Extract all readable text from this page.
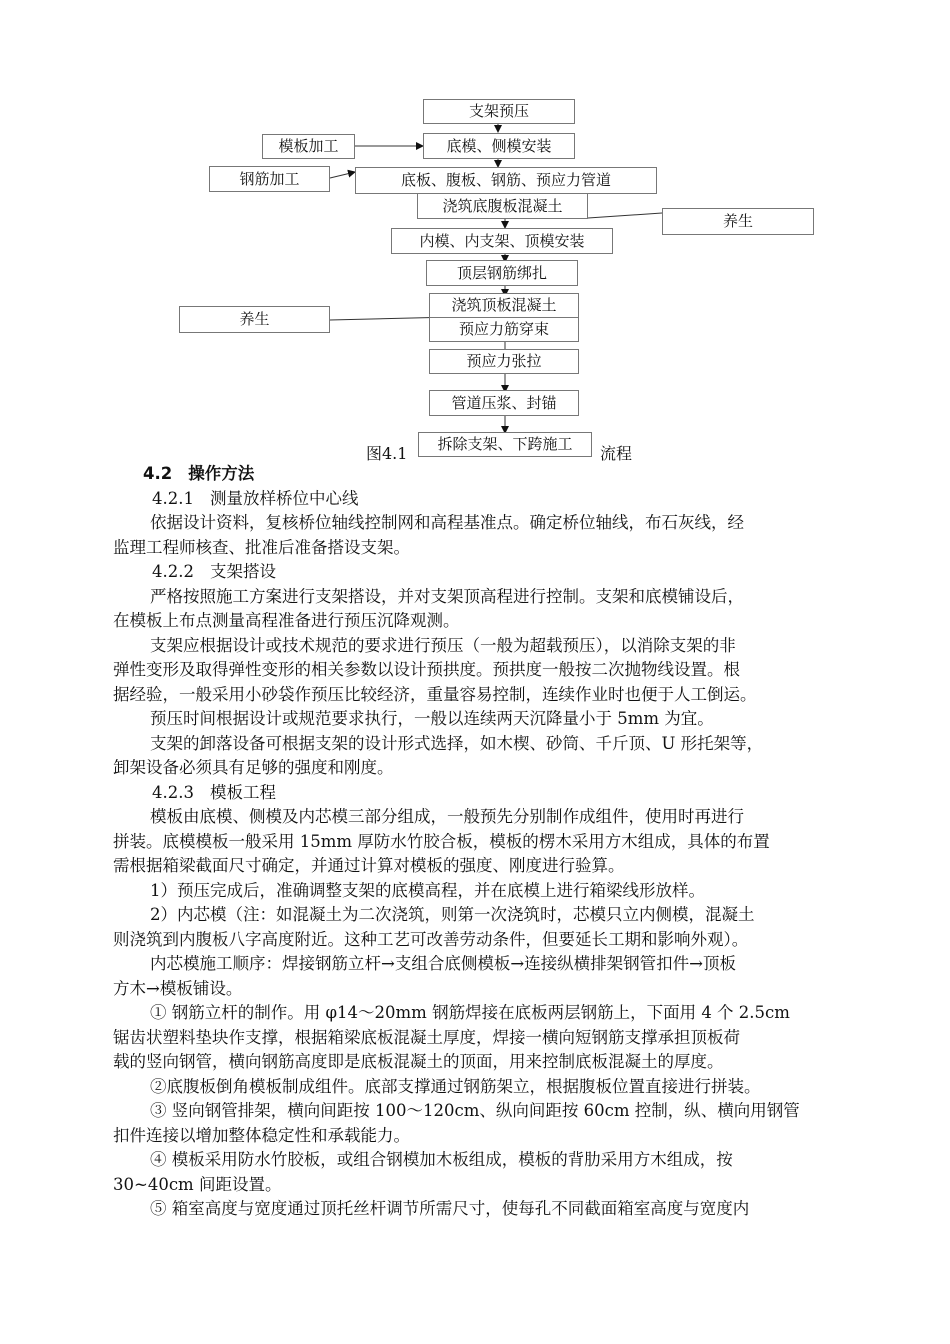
支架预压
模板加工	底模、侧模安装
钢筋加工	底板、腹板、钢筋、预应力管道
浇筑底腹板混凝土
养生
内模、内支架、顶模安装
顶层钢筋绑扎
浇筑顶板混凝土
养生
预应力筋穿束
预应力张拉
管道压浆、封锚
图4.1	流程
拆除支架、下跨施工

4.2 操作方法

4.2.1 测量放样桥位中心线

依据设计资料，复核桥位轴线控制网和高程基准点。确定桥位轴线，布石灰线，经

监理工程师核查、批准后准备搭设支架。

4.2.2 支架搭设

严格按照施工方案进行支架搭设，并对支架顶高程进行控制。支架和底模铺设后，

在模板上布点测量高程准备进行预压沉降观测。

支架应根据设计或技术规范的要求进行预压（一般为超载预压），以消除支架的非

弹性变形及取得弹性变形的相关参数以设计预拱度。预拱度一般按二次抛物线设置。根

据经验，一般采用小砂袋作预压比较经济，重量容易控制，连续作业时也便于人工倒运。

预压时间根据设计或规范要求执行，一般以连续两天沉降量小于 5mm 为宜。

支架的卸落设备可根据支架的设计形式选择，如木楔、砂筒、千斤顶、U 形托架等，

卸架设备必须具有足够的强度和刚度。

4.2.3 模板工程

模板由底模、侧模及内芯模三部分组成，一般预先分别制作成组件，使用时再进行

拼装。底模模板一般采用 15mm 厚防水竹胶合板，模板的楞木采用方木组成，具体的布置

需根据箱梁截面尺寸确定，并通过计算对模板的强度、刚度进行验算。

1）预压完成后，准确调整支架的底模高程，并在底模上进行箱梁线形放样。

2）内芯模（注：如混凝土为二次浇筑，则第一次浇筑时，芯模只立内侧模，混凝土

则浇筑到内腹板八字高度附近。这种工艺可改善劳动条件，但要延长工期和影响外观）。

内芯模施工顺序：焊接钢筋立杆→支组合底侧模板→连接纵横排架钢管扣件→顶板

方木→模板铺设。

① 钢筋立杆的制作。用 φ14～20mm 钢筋焊接在底板两层钢筋上，下面用 4 个 2.5cm

锯齿状塑料垫块作支撑，根据箱梁底板混凝土厚度，焊接一横向短钢筋支撑承担顶板荷

载的竖向钢管，横向钢筋高度即是底板混凝土的顶面，用来控制底板混凝土的厚度。

②底腹板倒角模板制成组件。底部支撑通过钢筋架立，根据腹板位置直接进行拼装。

③ 竖向钢管排架，横向间距按 100～120cm、纵向间距按 60cm 控制，纵、横向用钢管

扣件连接以增加整体稳定性和承载能力。

④ 模板采用防水竹胶板，或组合钢模加木板组成，模板的背肋采用方木组成，按

30~40cm 间距设置。

⑤ 箱室高度与宽度通过顶托丝杆调节所需尺寸，使每孔不同截面箱室高度与宽度内
